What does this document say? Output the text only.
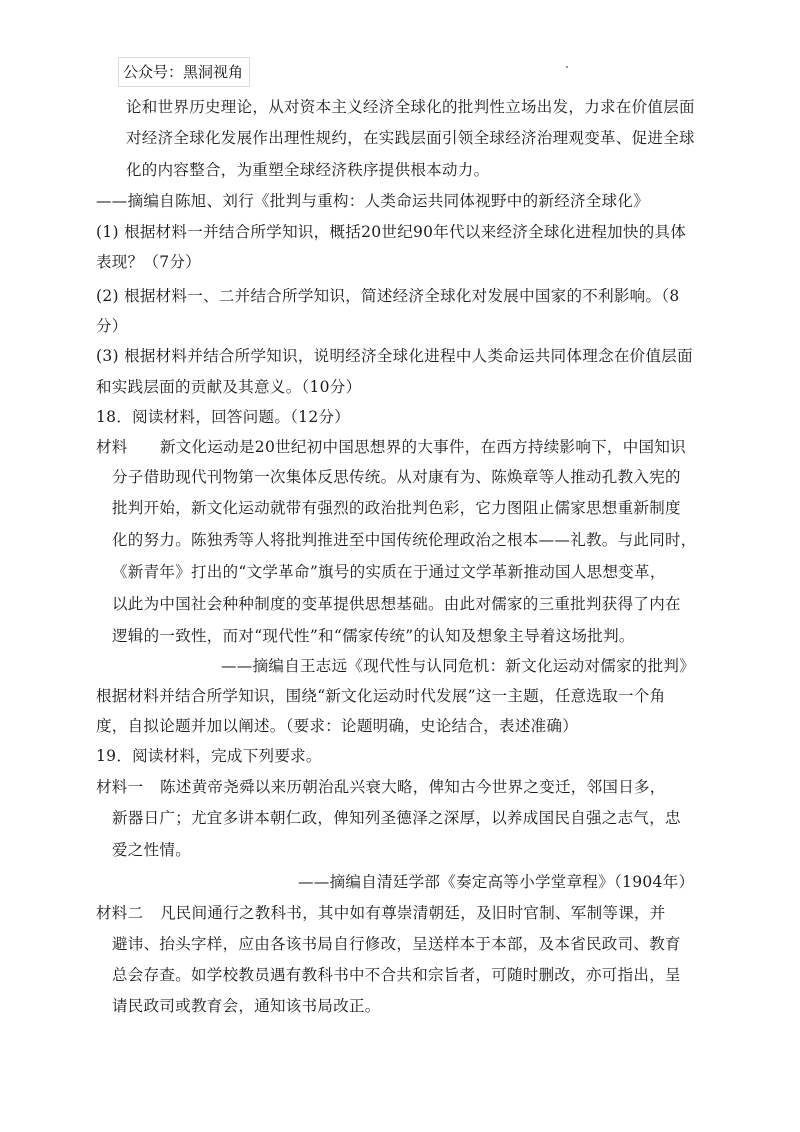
公众号：黑洞视角
论和世界历史理论，从对资本主义经济全球化的批判性立场出发，力求在价值层面
对经济全球化发展作出理性规约，在实践层面引领全球经济治理观变革、促进全球
化的内容整合，为重塑全球经济秩序提供根本动力。
——摘编自陈旭、刘行《批判与重构：人类命运共同体视野中的新经济全球化》
(1) 根据材料一并结合所学知识，概括20世纪90年代以来经济全球化进程加快的具体
表现？（7分）
(2) 根据材料一、二并结合所学知识，简述经济全球化对发展中国家的不利影响。（8
分）
(3) 根据材料并结合所学知识，说明经济全球化进程中人类命运共同体理念在价值层面
和实践层面的贡献及其意义。（10分）
18．阅读材料，回答问题。（12分）
材料 新文化运动是20世纪初中国思想界的大事件，在西方持续影响下，中国知识
分子借助现代刊物第一次集体反思传统。从对康有为、陈焕章等人推动孔教入宪的
批判开始，新文化运动就带有强烈的政治批判色彩，它力图阻止儒家思想重新制度
化的努力。陈独秀等人将批判推进至中国传统伦理政治之根本——礼教。与此同时，
《新青年》打出的“文学革命”旗号的实质在于通过文学革新推动国人思想变革，
以此为中国社会种种制度的变革提供思想基础。由此对儒家的三重批判获得了内在
逻辑的一致性，而对“现代性”和“儒家传统”的认知及想象主导着这场批判。
——摘编自王志远《现代性与认同危机：新文化运动对儒家的批判》
根据材料并结合所学知识，围绕“新文化运动时代发展”这一主题，任意选取一个角
度，自拟论题并加以阐述。（要求：论题明确，史论结合，表述准确）
19．阅读材料，完成下列要求。
材料一 陈述黄帝尧舜以来历朝治乱兴衰大略，俾知古今世界之变迁，邻国日多，
新器日广；尤宜多讲本朝仁政，俾知列圣德泽之深厚，以养成国民自强之志气，忠
爱之性情。
——摘编自清廷学部《奏定高等小学堂章程》（1904年）
材料二 凡民间通行之教科书，其中如有尊崇清朝廷，及旧时官制、军制等课，并
避讳、抬头字样，应由各该书局自行修改，呈送样本于本部，及本省民政司、教育
总会存查。如学校教员遇有教科书中不合共和宗旨者，可随时删改，亦可指出，呈
请民政司或教育会，通知该书局改正。
